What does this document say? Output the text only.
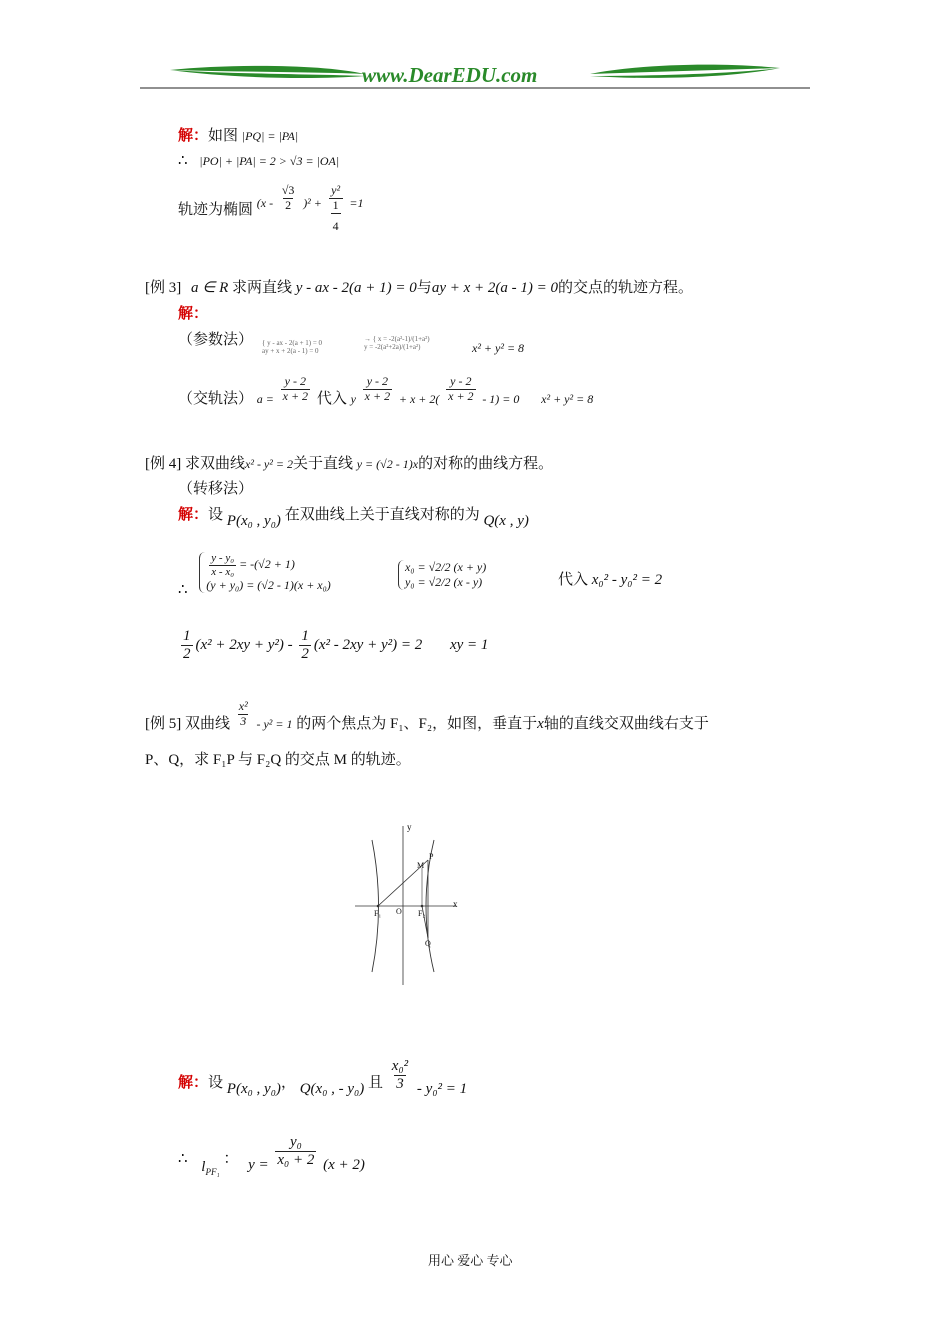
www.DearEDU.com
解：如图 |PQ| = |PA|
∴ |PO| + |PA| = 2 > √3 = |OA|
轨迹为椭圆 $^{(x -} \frac{√3}{2} ^{)^2 +} \frac{\text{y²}}{\frac{1}{4}} ^{=1}$
[例 3] a ∈ R 求两直线 y - ax - 2(a + 1) = 0与ay + x + 2(a - 1) = 0的交点的轨迹方程。
解：
（参数法） { y - ax - 2(a + 1) = 0
ay + x + 2(a - 1) = 0
→ { x = -2(a²-1)/(1+a²)
y = -2(a²+2a)/(1+a²)	x² + y² = 8
（交轨法） $_{a =} \frac{y - 2}{x + 2}$ 代入 $_y \frac{y - 2}{x + 2} _{+ x + 2(} \frac{y - 2}{x + 2} _{- 1) = 0}$ $_{x^2 + y^2 = 8}$
[例 4] 求双曲线x² - y² = 2关于直线 y = (√2 - 1)x的对称的曲线方程。
（转移法）
解：设 P(x₀ , y₀) 在双曲线上关于直线对称的为 Q(x , y)
∴
$\frac{\text{y - y₀}}{\text{x - x₀}} = -(√2 + 1)$
(y + y₀) = (√2 - 1)(x + x₀)
x₀ = √2/2 (x + y)
y₀ = √2/2 (x - y)	代入 x₀² - y₀² = 2
$\frac{1}{2} (x^2 + 2xy + y^2) - \frac{1}{2} (x^2 - 2xy + y^2) = 2$ xy = 1
[例 5] 双曲线 $\frac{\text{x²}}{3} _{- y^2 = 1}$ 的两个焦点为 F₁、F₂，如图，垂直于x轴的直线交双曲线右支于
P、Q，求 F₁P 与 F₂Q 的交点 M 的轨迹。
y
x
O
F₁	F₂
M
P
Q
解：设 P(x₀ , y₀)， Q(x₀ , - y₀) 且 $\frac{\text{x₀²}}{3} - y_0^2 = 1$
∴ $l_{PF_1}$ ： $y = \frac{\text{y₀}}{\text{x₀ + 2}} (x + 2)$
用心 爱心 专心
